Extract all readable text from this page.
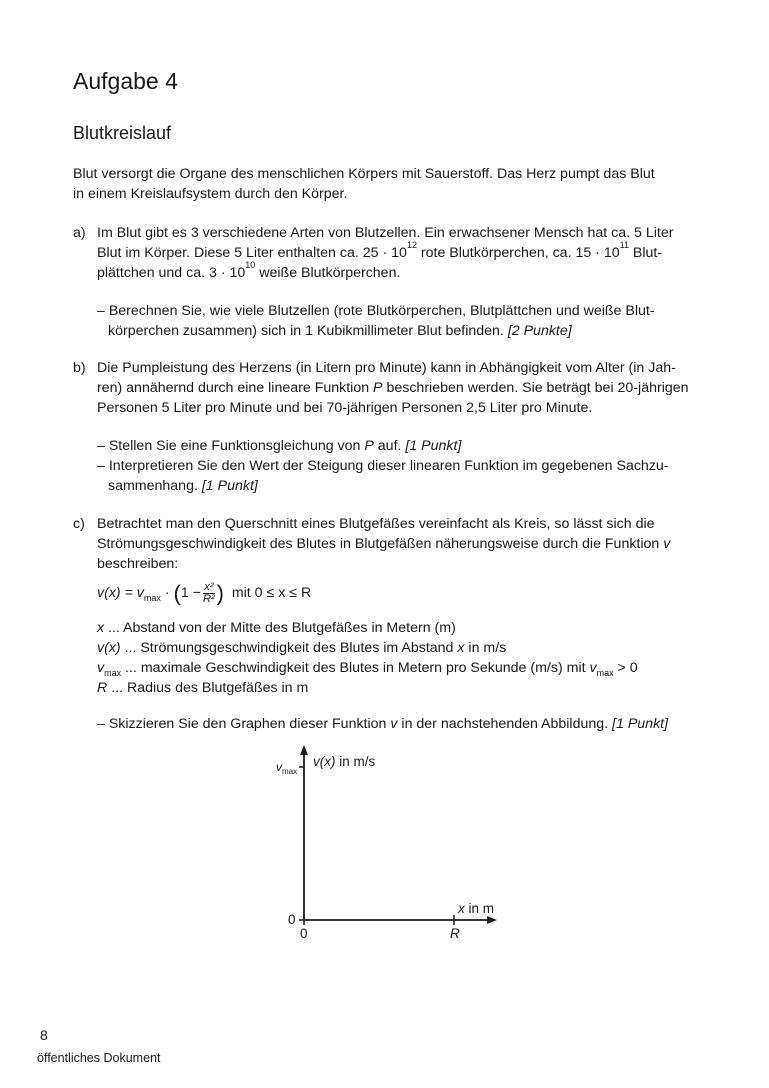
Aufgabe 4
Blutkreislauf
Blut versorgt die Organe des menschlichen Körpers mit Sauerstoff. Das Herz pumpt das Blut
in einem Kreislaufsystem durch den Körper.
a) Im Blut gibt es 3 verschiedene Arten von Blutzellen. Ein erwachsener Mensch hat ca. 5 Liter
Blut im Körper. Diese 5 Liter enthalten ca. $25 \cdot 10^{12}$ rote Blutkörperchen, ca. $15 \cdot 10^{11}$ Blut-
plättchen und ca. $3 \cdot 10^{10}$ weiße Blutkörperchen.
– Berechnen Sie, wie viele Blutzellen (rote Blutkörperchen, Blutplättchen und weiße Blut-
körperchen zusammen) sich in 1 Kubikmillimeter Blut befinden. [2 Punkte]
b) Die Pumpleistung des Herzens (in Litern pro Minute) kann in Abhängigkeit vom Alter (in Jah-
ren) annähernd durch eine lineare Funktion P beschrieben werden. Sie beträgt bei 20-jährigen
Personen 5 Liter pro Minute und bei 70-jährigen Personen 2,5 Liter pro Minute.
– Stellen Sie eine Funktionsgleichung von P auf. [1 Punkt]
– Interpretieren Sie den Wert der Steigung dieser linearen Funktion im gegebenen Sachzu-
sammenhang. [1 Punkt]
c) Betrachtet man den Querschnitt eines Blutgefäßes vereinfacht als Kreis, so lässt sich die
Strömungsgeschwindigkeit des Blutes in Blutgefäßen näherungsweise durch die Funktion v
beschreiben:
$v(x) = v_{max} \cdot (1 - \frac{\text{x²}}{\text{R²}}$ ) mit 0 ≤ x ≤ R
x ... Abstand von der Mitte des Blutgefäßes in Metern (m)
v(x) ... Strömungsgeschwindigkeit des Blutes im Abstand x in m/s
$v_{max}$ ... maximale Geschwindigkeit des Blutes in Metern pro Sekunde (m/s) mit $v_{max} > 0$
R ... Radius des Blutgefäßes in m
– Skizzieren Sie den Graphen dieser Funktion v in der nachstehenden Abbildung. [1 Punkt]
$v_{max}$
v(x) in m/s
0
0
x in m
R
8
öffentliches Dokument
